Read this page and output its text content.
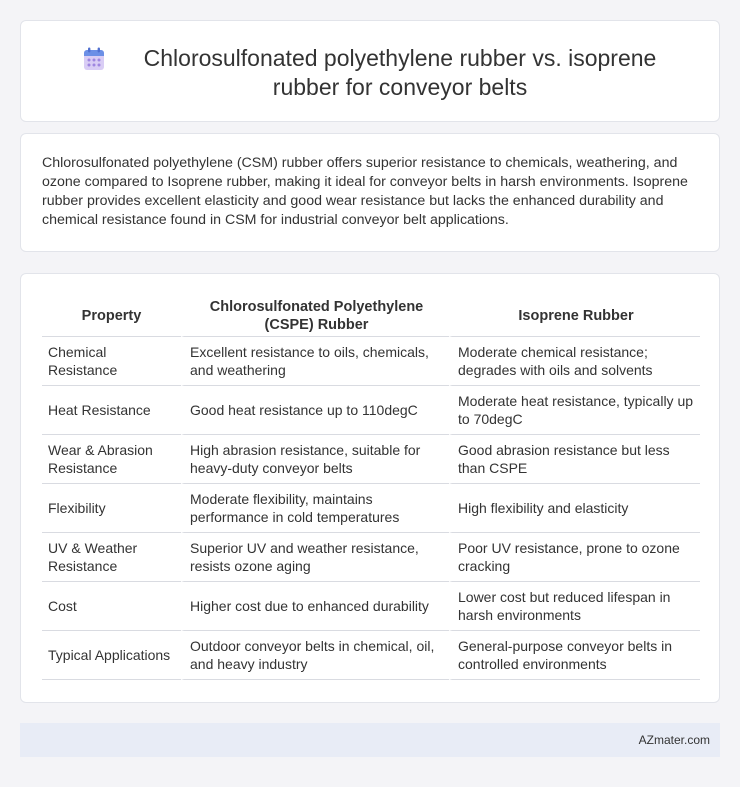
Chlorosulfonated polyethylene rubber vs. isoprene rubber for conveyor belts

Chlorosulfonated polyethylene (CSM) rubber offers superior resistance to chemicals, weathering, and ozone compared to Isoprene rubber, making it ideal for conveyor belts in harsh environments. Isoprene rubber provides excellent elasticity and good wear resistance but lacks the enhanced durability and chemical resistance found in CSM for industrial conveyor belt applications.

Property	Chlorosulfonated Polyethylene (CSPE) Rubber	Isoprene Rubber
Chemical Resistance	Excellent resistance to oils, chemicals, and weathering	Moderate chemical resistance; degrades with oils and solvents
Heat Resistance	Good heat resistance up to 110degC	Moderate heat resistance, typically up to 70degC
Wear & Abrasion Resistance	High abrasion resistance, suitable for heavy-duty conveyor belts	Good abrasion resistance but less than CSPE
Flexibility	Moderate flexibility, maintains performance in cold temperatures	High flexibility and elasticity
UV & Weather Resistance	Superior UV and weather resistance, resists ozone aging	Poor UV resistance, prone to ozone cracking
Cost	Higher cost due to enhanced durability	Lower cost but reduced lifespan in harsh environments
Typical Applications	Outdoor conveyor belts in chemical, oil, and heavy industry	General-purpose conveyor belts in controlled environments
AZmater.com
